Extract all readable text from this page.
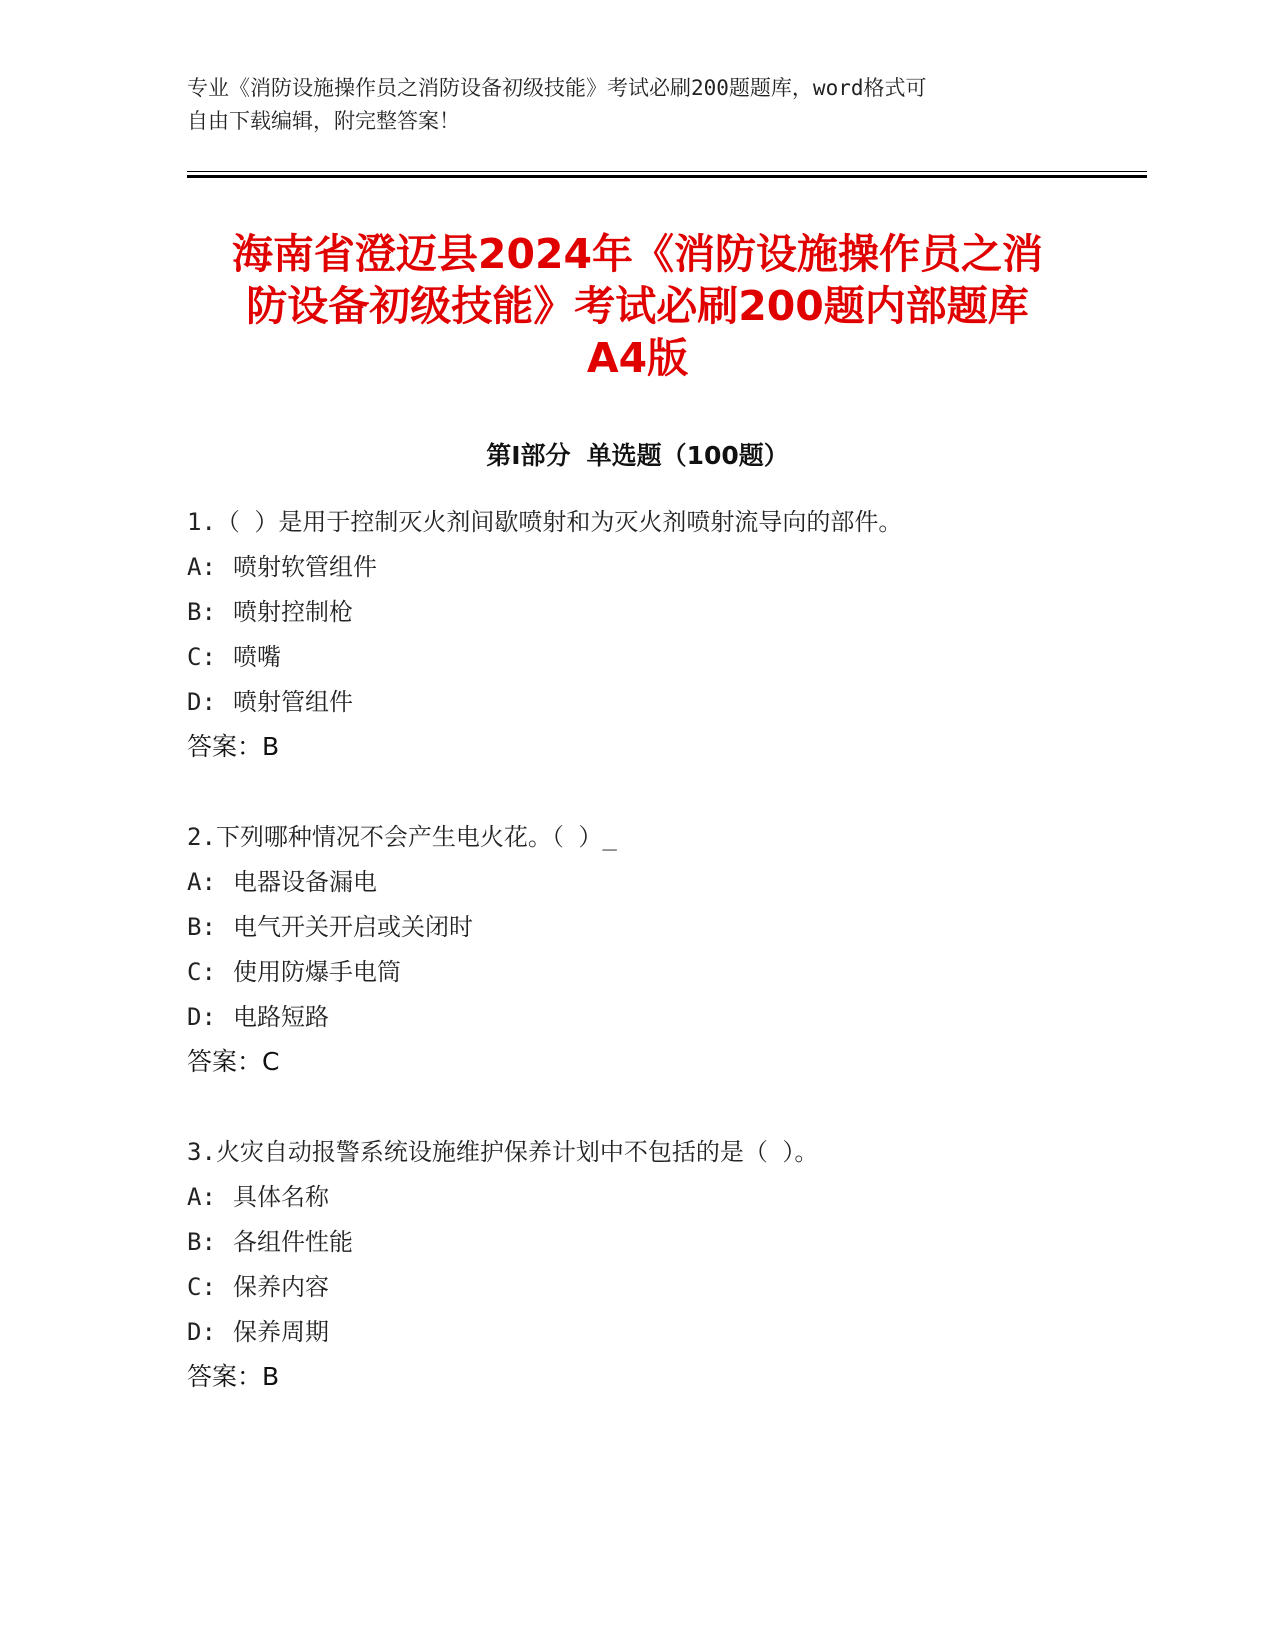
专业《消防设施操作员之消防设备初级技能》考试必刷200题题库，word格式可
自由下载编辑，附完整答案！
海南省澄迈县2024年《消防设施操作员之消
防设备初级技能》考试必刷200题内部题库
A4版
第I部分 单选题（100题）
1.（ ）是用于控制灭火剂间歇喷射和为灭火剂喷射流导向的部件。
A: 喷射软管组件
B: 喷射控制枪
C: 喷嘴
D: 喷射管组件
答案：B
2.下列哪种情况不会产生电火花。（ ）_
A: 电器设备漏电
B: 电气开关开启或关闭时
C: 使用防爆手电筒
D: 电路短路
答案：C
3.火灾自动报警系统设施维护保养计划中不包括的是（ ）。
A: 具体名称
B: 各组件性能
C: 保养内容
D: 保养周期
答案：B
